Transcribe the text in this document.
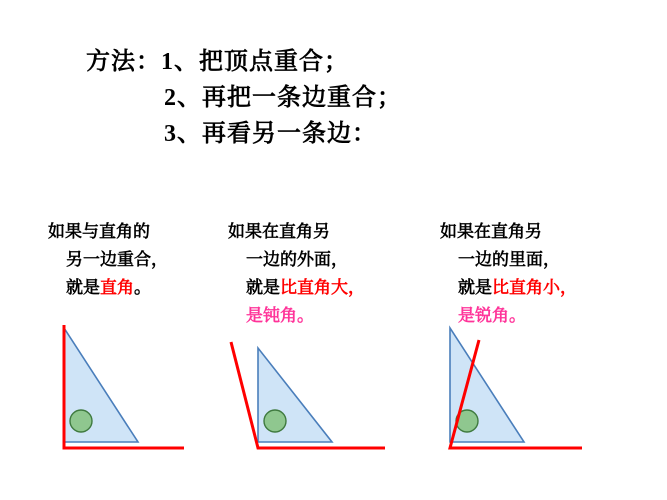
方法：1、把顶点重合；
2、再把一条边重合；
3、再看另一条边：
如果与直角的
另一边重合，
就是直角。
如果在直角另
一边的外面，
就是比直角大，
是钝角。
如果在直角另
一边的里面，
就是比直角小，
是锐角。
